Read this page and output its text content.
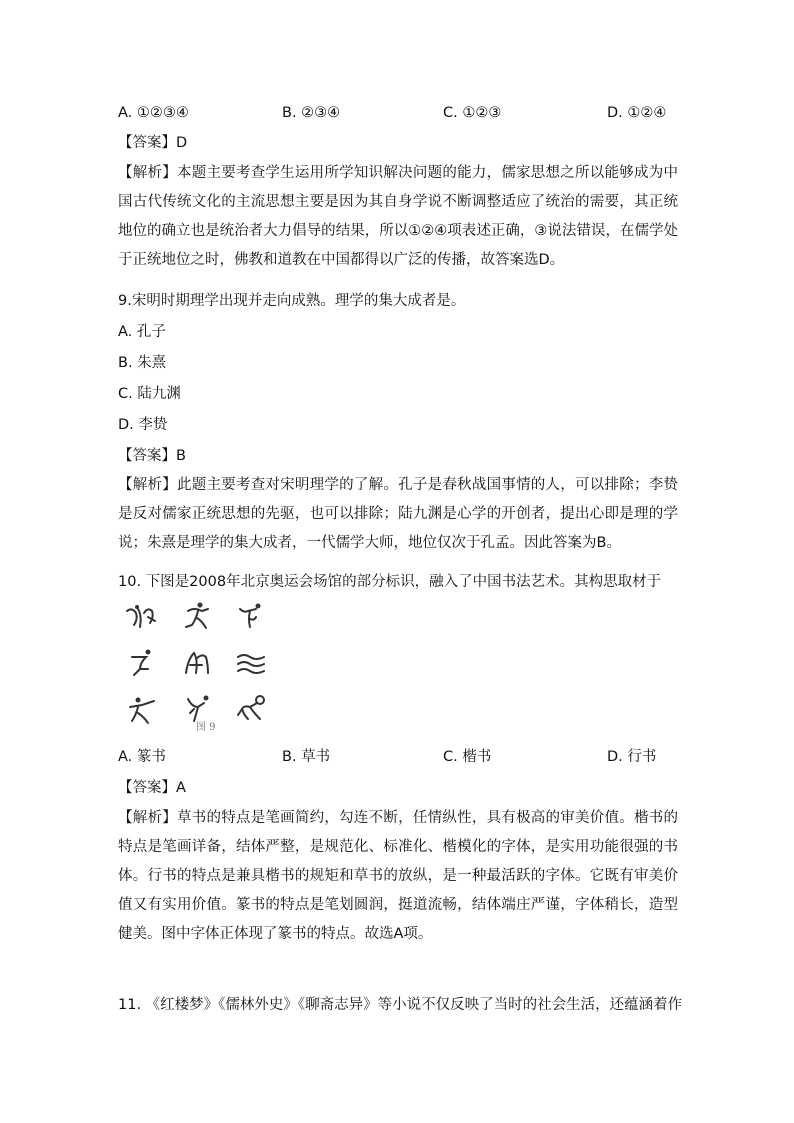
A. ①②③④	B. ②③④	C. ①②③	D. ①②④
【答案】D
【解析】本题主要考查学生运用所学知识解决问题的能力，儒家思想之所以能够成为中国古代传统文化的主流思想主要是因为其自身学说不断调整适应了统治的需要，其正统地位的确立也是统治者大力倡导的结果，所以①②④项表述正确，③说法错误，在儒学处于正统地位之时，佛教和道教在中国都得以广泛的传播，故答案选D。
9.宋明时期理学出现并走向成熟。理学的集大成者是。
A. 孔子
B. 朱熹
C. 陆九渊
D. 李贽
【答案】B
【解析】此题主要考查对宋明理学的了解。孔子是春秋战国事情的人，可以排除；李贽是反对儒家正统思想的先驱，也可以排除；陆九渊是心学的开创者，提出心即是理的学说；朱熹是理学的集大成者，一代儒学大师，地位仅次于孔孟。因此答案为B。
10. 下图是2008年北京奥运会场馆的部分标识，融入了中国书法艺术。其构思取材于
图 9
A. 篆书	B. 草书	C. 楷书	D. 行书
【答案】A
【解析】草书的特点是笔画简约，勾连不断，任情纵性，具有极高的审美价值。楷书的特点是笔画详备，结体严整，是规范化、标准化、楷模化的字体，是实用功能很强的书体。行书的特点是兼具楷书的规矩和草书的放纵，是一种最活跃的字体。它既有审美价值又有实用价值。篆书的特点是笔划圆润，挺道流畅，结体端庄严谨，字体稍长，造型健美。图中字体正体现了篆书的特点。故选A项。
11. 《红楼梦》《儒林外史》《聊斋志异》等小说不仅反映了当时的社会生活，还蕴涵着作
